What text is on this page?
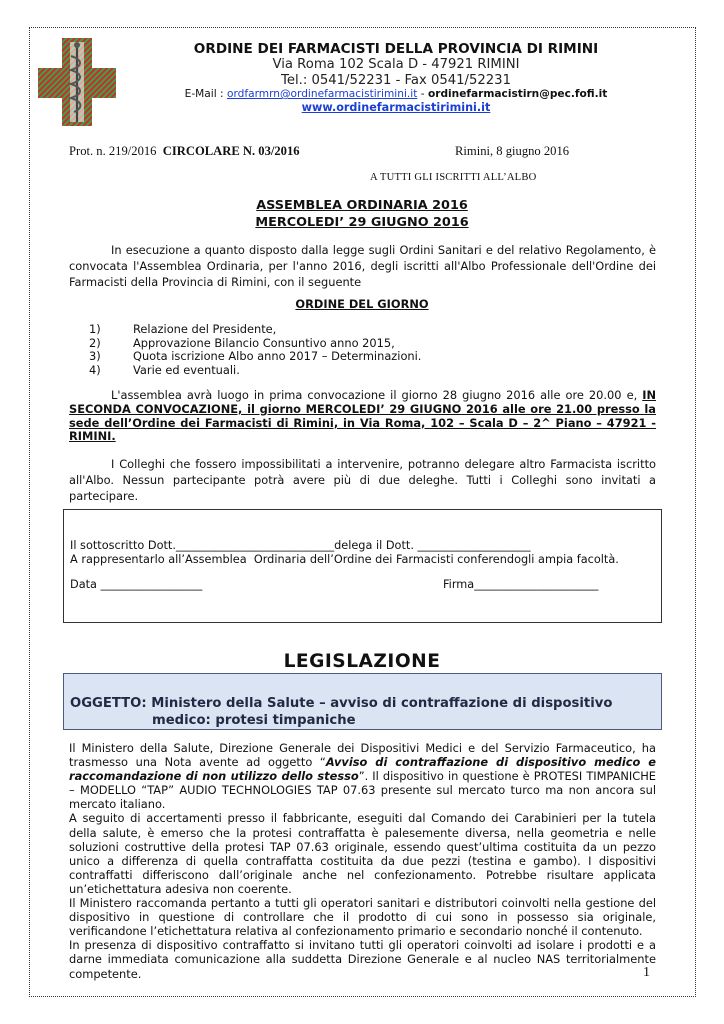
ORDINE DEI FARMACISTI DELLA PROVINCIA DI RIMINI
Via Roma 102 Scala D - 47921 RIMINI
Tel.: 0541/52231 - Fax 0541/52231
E-Mail : ordfarmrn@ordinefarmacistirimini.it - ordinefarmacistirn@pec.fofi.it
www.ordinefarmacistirimini.it
Prot. n. 219/2016 CIRCOLARE N. 03/2016	Rimini, 8 giugno 2016
A TUTTI GLI ISCRITTI ALL’ALBO
ASSEMBLEA ORDINARIA 2016
MERCOLEDI’ 29 GIUGNO 2016
In esecuzione a quanto disposto dalla legge sugli Ordini Sanitari e del relativo Regolamento, è convocata l'Assemblea Ordinaria, per l'anno 2016, degli iscritti all'Albo Professionale dell'Ordine dei Farmacisti della Provincia di Rimini, con il seguente
ORDINE DEL GIORNO
1)	Relazione del Presidente,
2)	Approvazione Bilancio Consuntivo anno 2015,
3)	Quota iscrizione Albo anno 2017 – Determinazioni.
4)	Varie ed eventuali.
L'assemblea avrà luogo in prima convocazione il giorno 28 giugno 2016 alle ore 20.00 e, IN SECONDA CONVOCAZIONE, il giorno MERCOLEDI’ 29 GIUGNO 2016 alle ore 21.00 presso la sede dell’Ordine dei Farmacisti di Rimini, in Via Roma, 102 – Scala D – 2^ Piano – 47921 - RIMINI.
I Colleghi che fossero impossibilitati a intervenire, potranno delegare altro Farmacista iscritto all'Albo. Nessun partecipante potrà avere più di due deleghe. Tutti i Colleghi sono invitati a partecipare.
Il sottoscritto Dott.____________________________delega il Dott. ____________________
A rappresentarlo all’Assemblea  Ordinaria dell’Ordine dei Farmacisti conferendogli ampia facoltà.
Data __________________	Firma______________________
LEGISLAZIONE
OGGETTO: Ministero della Salute – avviso di contraffazione di dispositivo
medico: protesi timpaniche

Il Ministero della Salute, Direzione Generale dei Dispositivi Medici e del Servizio Farmaceutico, ha trasmesso una Nota avente ad oggetto “Avviso di contraffazione di dispositivo medico e raccomandazione di non utilizzo dello stesso”. Il dispositivo in questione è PROTESI TIMPANICHE – MODELLO “TAP” AUDIO TECHNOLOGIES TAP 07.63 presente sul mercato turco ma non ancora sul mercato italiano.

A seguito di accertamenti presso il fabbricante, eseguiti dal Comando dei Carabinieri per la tutela della salute, è emerso che la protesi contraffatta è palesemente diversa, nella geometria e nelle soluzioni costruttive della protesi TAP 07.63 originale, essendo quest’ultima costituita da un pezzo unico a differenza di quella contraffatta costituita da due pezzi (testina e gambo). I dispositivi contraffatti differiscono dall’originale anche nel confezionamento. Potrebbe risultare applicata un’etichettatura adesiva non coerente.

Il Ministero raccomanda pertanto a tutti gli operatori sanitari e distributori coinvolti nella gestione del dispositivo in questione di controllare che il prodotto di cui sono in possesso sia originale, verificandone l’etichettatura relativa al confezionamento primario e secondario nonché il contenuto.

In presenza di dispositivo contraffatto si invitano tutti gli operatori coinvolti ad isolare i prodotti e a darne immediata comunicazione alla suddetta Direzione Generale e al nucleo NAS territorialmente competente.	1
